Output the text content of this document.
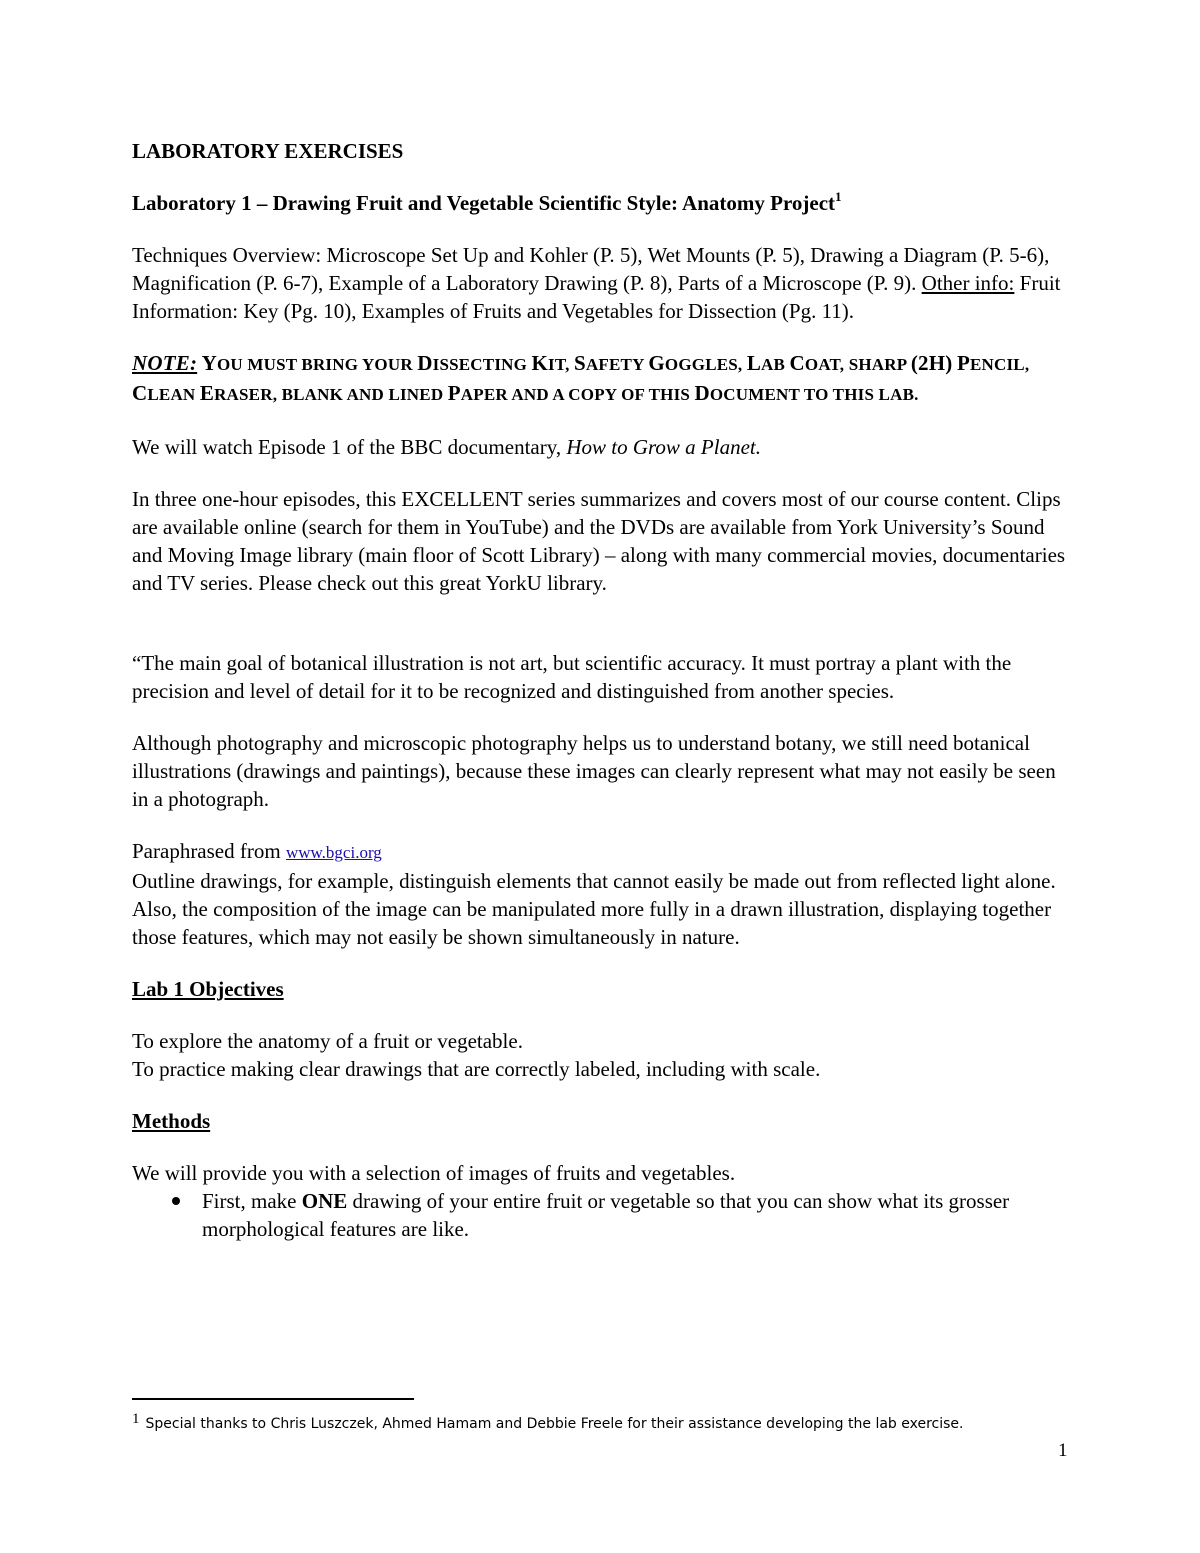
LABORATORY EXERCISES

Laboratory 1 – Drawing Fruit and Vegetable Scientific Style: Anatomy Project$^1$

Techniques Overview: Microscope Set Up and Kohler (P. 5), Wet Mounts (P. 5), Drawing a Diagram (P. 5-6), Magnification (P. 6-7), Example of a Laboratory Drawing (P. 8), Parts of a Microscope (P. 9). Other info: Fruit Information: Key (Pg. 10), Examples of Fruits and Vegetables for Dissection (Pg. 11).

NOTE: YOU MUST BRING YOUR DISSECTING KIT, SAFETY GOGGLES, LAB COAT, SHARP (2H) PENCIL, CLEAN ERASER, BLANK AND LINED PAPER AND A COPY OF THIS DOCUMENT TO THIS LAB.

We will watch Episode 1 of the BBC documentary, How to Grow a Planet.

In three one-hour episodes, this EXCELLENT series summarizes and covers most of our course content. Clips are available online (search for them in YouTube) and the DVDs are available from York University’s Sound and Moving Image library (main floor of Scott Library) – along with many commercial movies, documentaries and TV series. Please check out this great YorkU library.

“The main goal of botanical illustration is not art, but scientific accuracy. It must portray a plant with the precision and level of detail for it to be recognized and distinguished from another species.

Although photography and microscopic photography helps us to understand botany, we still need botanical illustrations (drawings and paintings), because these images can clearly represent what may not easily be seen in a photograph.

Paraphrased from www.bgci.org

Outline drawings, for example, distinguish elements that cannot easily be made out from reflected light alone. Also, the composition of the image can be manipulated more fully in a drawn illustration, displaying together those features, which may not easily be shown simultaneously in nature.

Lab 1 Objectives

To explore the anatomy of a fruit or vegetable.

To practice making clear drawings that are correctly labeled, including with scale.

Methods

We will provide you with a selection of images of fruits and vegetables.

First, make ONE drawing of your entire fruit or vegetable so that you can show what its grosser morphological features are like.
$^1$ Special thanks to Chris Luszczek, Ahmed Hamam and Debbie Freele for their assistance developing the lab exercise.
1
